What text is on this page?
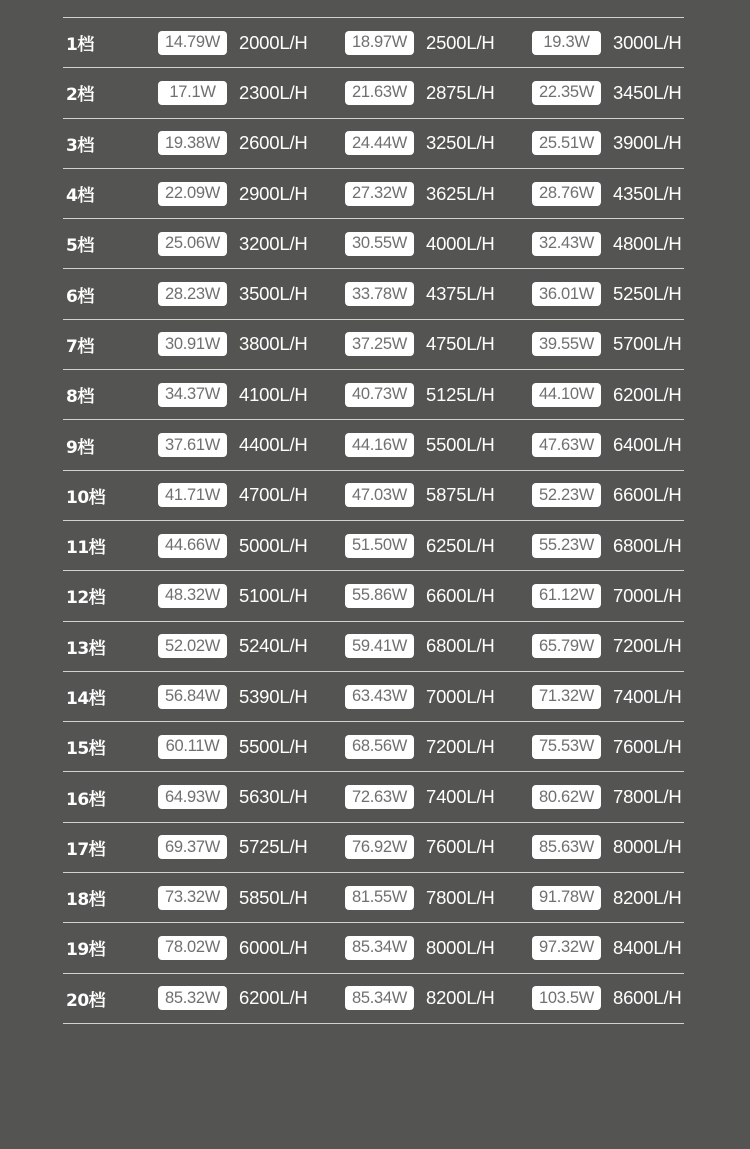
1档	14.79W	2000L/H	18.97W	2500L/H	19.3W	3000L/H
2档	17.1W	2300L/H	21.63W	2875L/H	22.35W	3450L/H
3档	19.38W	2600L/H	24.44W	3250L/H	25.51W	3900L/H
4档	22.09W	2900L/H	27.32W	3625L/H	28.76W	4350L/H
5档	25.06W	3200L/H	30.55W	4000L/H	32.43W	4800L/H
6档	28.23W	3500L/H	33.78W	4375L/H	36.01W	5250L/H
7档	30.91W	3800L/H	37.25W	4750L/H	39.55W	5700L/H
8档	34.37W	4100L/H	40.73W	5125L/H	44.10W	6200L/H
9档	37.61W	4400L/H	44.16W	5500L/H	47.63W	6400L/H
10档	41.71W	4700L/H	47.03W	5875L/H	52.23W	6600L/H
11档	44.66W	5000L/H	51.50W	6250L/H	55.23W	6800L/H
12档	48.32W	5100L/H	55.86W	6600L/H	61.12W	7000L/H
13档	52.02W	5240L/H	59.41W	6800L/H	65.79W	7200L/H
14档	56.84W	5390L/H	63.43W	7000L/H	71.32W	7400L/H
15档	60.11W	5500L/H	68.56W	7200L/H	75.53W	7600L/H
16档	64.93W	5630L/H	72.63W	7400L/H	80.62W	7800L/H
17档	69.37W	5725L/H	76.92W	7600L/H	85.63W	8000L/H
18档	73.32W	5850L/H	81.55W	7800L/H	91.78W	8200L/H
19档	78.02W	6000L/H	85.34W	8000L/H	97.32W	8400L/H
20档	85.32W	6200L/H	85.34W	8200L/H	103.5W	8600L/H
